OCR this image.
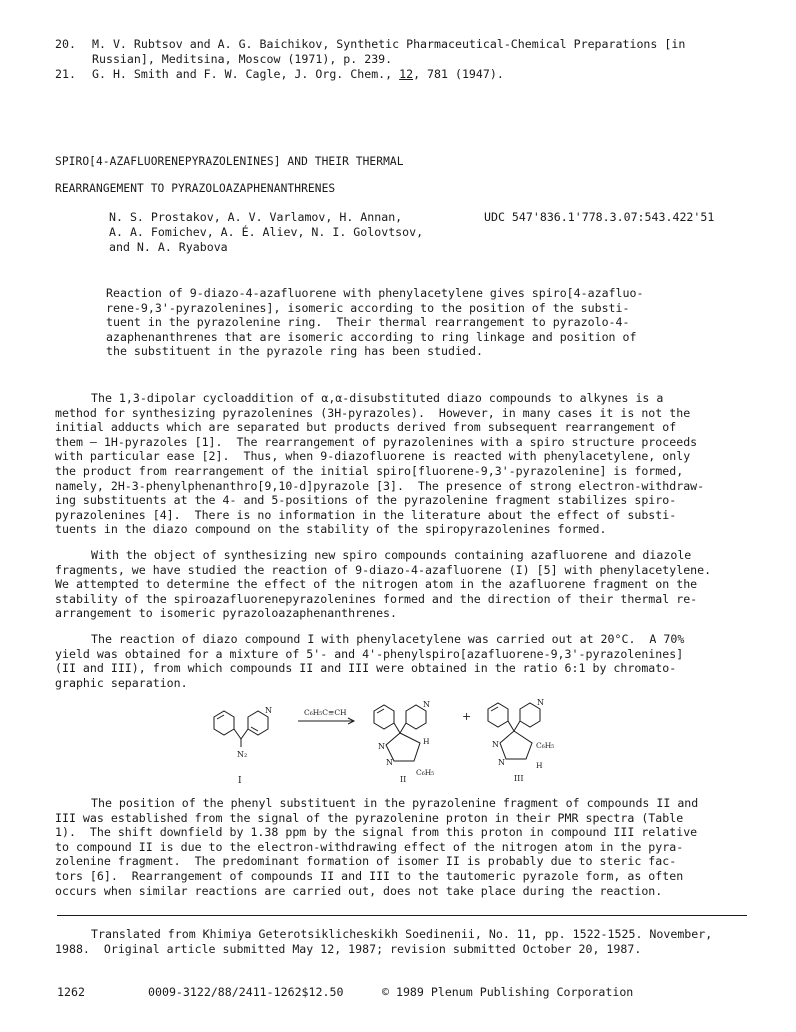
20. M. V. Rubtsov and A. G. Baichikov, Synthetic Pharmaceutical-Chemical Preparations [in
Russian], Meditsina, Moscow (1971), p. 239.
21. G. H. Smith and F. W. Cagle, J. Org. Chem., 12, 781 (1947).
SPIRO[4-AZAFLUORENEPYRAZOLENINES] AND THEIR THERMAL
REARRANGEMENT TO PYRAZOLOAZAPHENANTHRENES
N. S. Prostakov, A. V. Varlamov, H. Annan,
A. A. Fomichev, A. É. Aliev, N. I. Golovtsov,
and N. A. Ryabova
UDC 547'836.1'778.3.07:543.422'51
Reaction of 9-diazo-4-azafluorene with phenylacetylene gives spiro[4-azafluo-
rene-9,3'-pyrazolenines], isomeric according to the position of the substi-
tuent in the pyrazolenine ring.  Their thermal rearrangement to pyrazolo-4-
azaphenanthrenes that are isomeric according to ring linkage and position of
the substituent in the pyrazole ring has been studied.
The 1,3-dipolar cycloaddition of α,α-disubstituted diazo compounds to alkynes is a
method for synthesizing pyrazolenines (3H-pyrazoles).  However, in many cases it is not the
initial adducts which are separated but products derived from subsequent rearrangement of
them — 1H-pyrazoles [1].  The rearrangement of pyrazolenines with a spiro structure proceeds
with particular ease [2].  Thus, when 9-diazofluorene is reacted with phenylacetylene, only
the product from rearrangement of the initial spiro[fluorene-9,3'-pyrazolenine] is formed,
namely, 2H-3-phenylphenanthro[9,10-d]pyrazole [3].  The presence of strong electron-withdraw-
ing substituents at the 4- and 5-positions of the pyrazolenine fragment stabilizes spiro-
pyrazolenines [4].  There is no information in the literature about the effect of substi-
tuents in the diazo compound on the stability of the spiropyrazolenines formed.
With the object of synthesizing new spiro compounds containing azafluorene and diazole
fragments, we have studied the reaction of 9-diazo-4-azafluorene (I) [5] with phenylacetylene.
We attempted to determine the effect of the nitrogen atom in the azafluorene fragment on the
stability of the spiroazafluorenepyrazolenines formed and the direction of their thermal re-
arrangement to isomeric pyrazoloazaphenanthrenes.
The reaction of diazo compound I with phenylacetylene was carried out at 20°C.  A 70%
yield was obtained for a mixture of 5'- and 4'-phenylspiro[azafluorene-9,3'-pyrazolenines]
(II and III), from which compounds II and III were obtained in the ratio 6:1 by chromato-
graphic separation.
N
N₂
I
C₆H₅C≡CH
N
N
N
H
C₆H₅
II
+
N
N
N
C₆H₅
H
III
The position of the phenyl substituent in the pyrazolenine fragment of compounds II and
III was established from the signal of the pyrazolenine proton in their PMR spectra (Table
1).  The shift downfield by 1.38 ppm by the signal from this proton in compound III relative
to compound II is due to the electron-withdrawing effect of the nitrogen atom in the pyra-
zolenine fragment.  The predominant formation of isomer II is probably due to steric fac-
tors [6].  Rearrangement of compounds II and III to the tautomeric pyrazole form, as often
occurs when similar reactions are carried out, does not take place during the reaction.
Translated from Khimiya Geterotsiklicheskikh Soedinenii, No. 11, pp. 1522-1525. November,
1988.  Original article submitted May 12, 1987; revision submitted October 20, 1987.
1262	0009-3122/88/2411-1262$12.50	© 1989 Plenum Publishing Corporation
